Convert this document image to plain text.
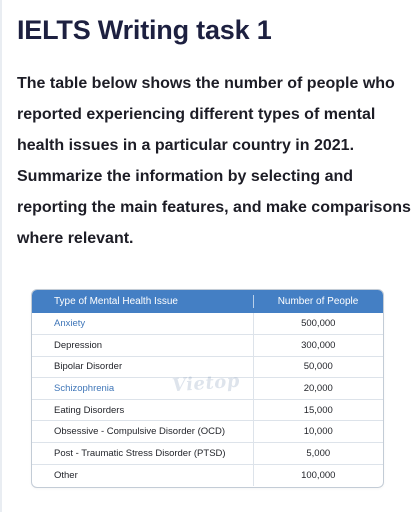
IELTS Writing task 1

The table below shows the number of people who
reported experiencing different types of mental
health issues in a particular country in 2021.
Summarize the information by selecting and
reporting the main features, and make comparisons
where relevant.

Type of Mental Health Issue	Number of People
Anxiety	500,000
Depression	300,000
Bipolar Disorder	50,000
Schizophrenia	20,000
Eating Disorders	15,000
Obsessive - Compulsive Disorder (OCD)	10,000
Post - Traumatic Stress Disorder (PTSD)	5,000
Other	100,000
Vietop
